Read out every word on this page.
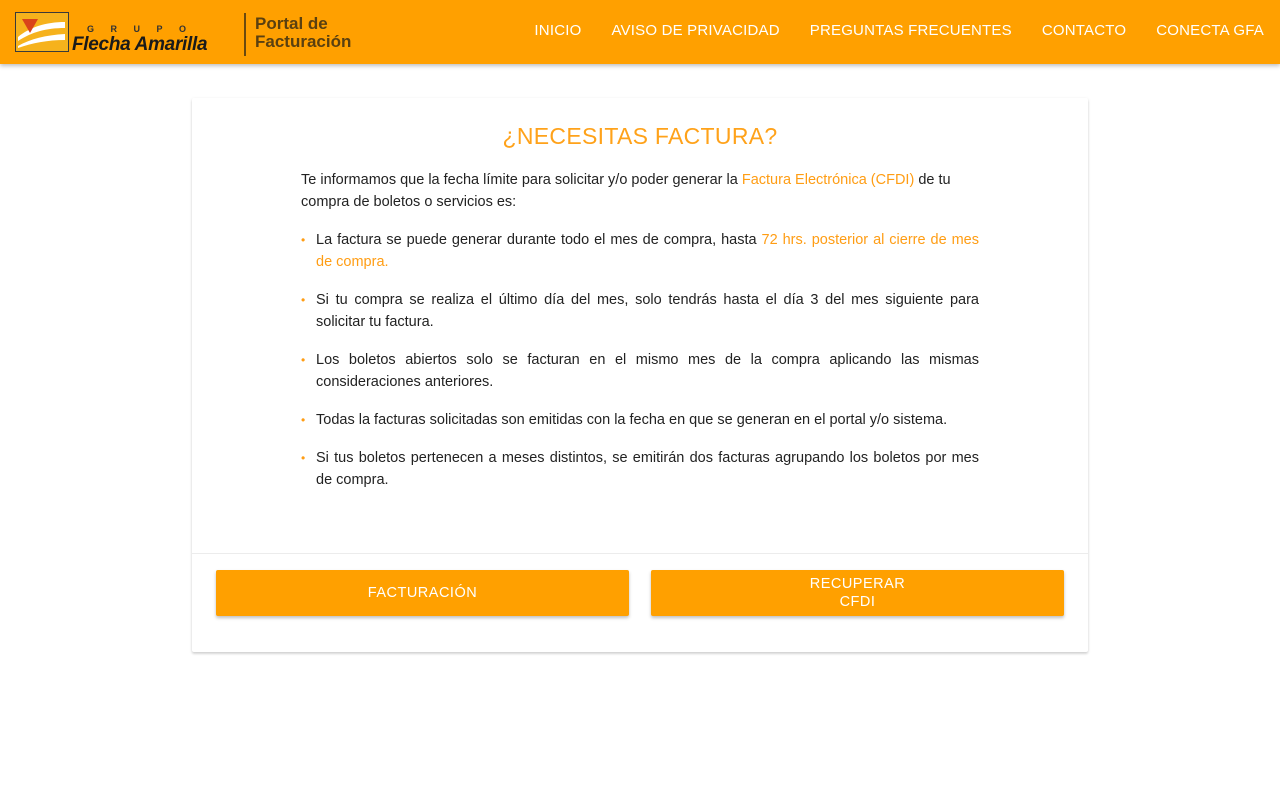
GRUPO
Flecha Amarilla
Portal de
Facturación
INICIO AVISO DE PRIVACIDAD PREGUNTAS FRECUENTES CONTACTO CONECTA GFA
¿NECESITAS FACTURA?

Te informamos que la fecha límite para solicitar y/o poder generar la Factura Electrónica (CFDI) de tu compra de boletos o servicios es:

• La factura se puede generar durante todo el mes de compra, hasta 72 hrs. posterior al cierre de mes de compra.
• Si tu compra se realiza el último día del mes, solo tendrás hasta el día 3 del mes siguiente para solicitar tu factura.
• Los boletos abiertos solo se facturan en el mismo mes de la compra aplicando las mismas consideraciones anteriores.
• Todas la facturas solicitadas son emitidas con la fecha en que se generan en el portal y/o sistema.
• Si tus boletos pertenecen a meses distintos, se emitirán dos facturas agrupando los boletos por mes de compra.
FACTURACIÓN
RECUPERAR CFDI
